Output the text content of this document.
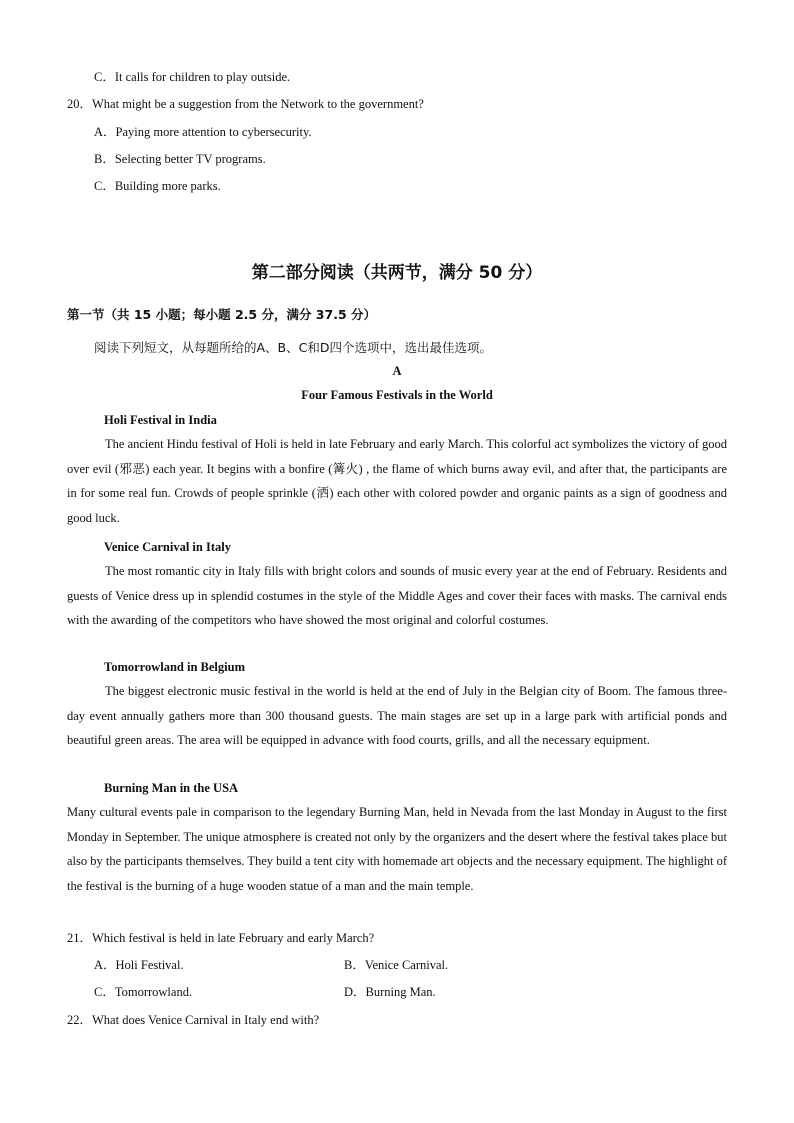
C．It calls for children to play outside.
20．What might be a suggestion from the Network to the government?
A．Paying more attention to cybersecurity.
B．Selecting better TV programs.
C．Building more parks.
第二部分阅读（共两节，满分 50 分）
第一节（共 15 小题；每小题 2.5 分，满分 37.5 分）
阅读下列短文，从每题所给的A、B、C和D四个选项中，选出最佳选项。
A
Four Famous Festivals in the World
Holi Festival in India
The ancient Hindu festival of Holi is held in late February and early March. This colorful act symbolizes the victory of good over evil (邪恶) each year. It begins with a bonfire (篝火) , the flame of which burns away evil, and after that, the participants are in for some real fun. Crowds of people sprinkle (洒) each other with colored powder and organic paints as a sign of goodness and good luck.
Venice Carnival in Italy
The most romantic city in Italy fills with bright colors and sounds of music every year at the end of February. Residents and guests of Venice dress up in splendid costumes in the style of the Middle Ages and cover their faces with masks. The carnival ends with the awarding of the competitors who have showed the most original and colorful costumes.
Tomorrowland in Belgium
The biggest electronic music festival in the world is held at the end of July in the Belgian city of Boom. The famous three-day event annually gathers more than 300 thousand guests. The main stages are set up in a large park with artificial ponds and beautiful green areas. The area will be equipped in advance with food courts, grills, and all the necessary equipment.
Burning Man in the USA
Many cultural events pale in comparison to the legendary Burning Man, held in Nevada from the last Monday in August to the first Monday in September. The unique atmosphere is created not only by the organizers and the desert where the festival takes place but also by the participants themselves. They build a tent city with homemade art objects and the necessary equipment. The highlight of the festival is the burning of a huge wooden statue of a man and the main temple.
21．Which festival is held in late February and early March?
A．Holi Festival.	B．Venice Carnival.
C．Tomorrowland.	D．Burning Man.
22．What does Venice Carnival in Italy end with?
